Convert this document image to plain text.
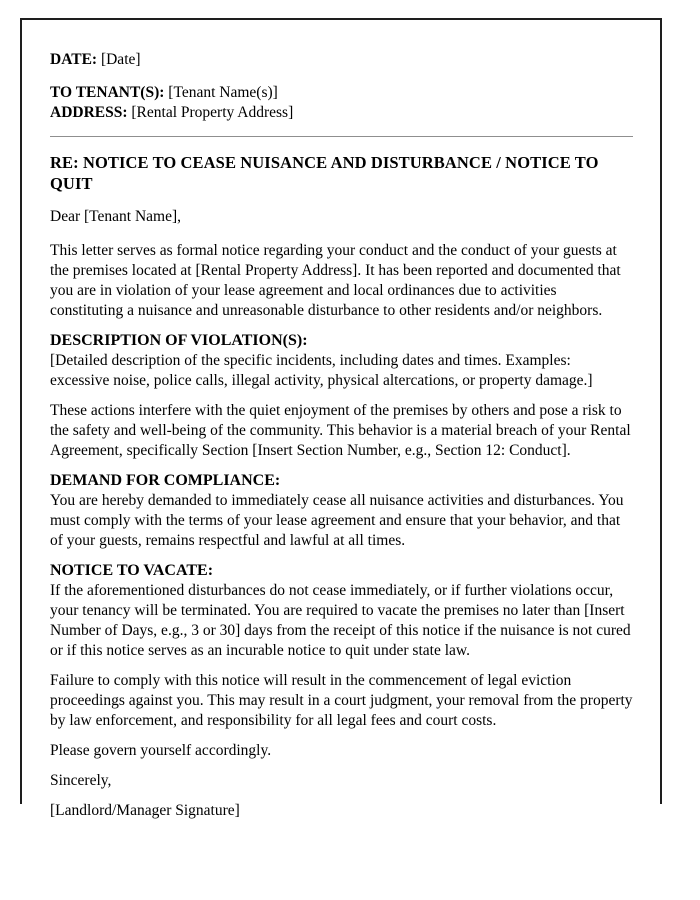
DATE: [Date]

TO TENANT(S): [Tenant Name(s)]
ADDRESS: [Rental Property Address]

RE: NOTICE TO CEASE NUISANCE AND DISTURBANCE / NOTICE TO QUIT

Dear [Tenant Name],

This letter serves as formal notice regarding your conduct and the conduct of your guests at the premises located at [Rental Property Address]. It has been reported and documented that you are in violation of your lease agreement and local ordinances due to activities constituting a nuisance and unreasonable disturbance to other residents and/or neighbors.

DESCRIPTION OF VIOLATION(S):
[Detailed description of the specific incidents, including dates and times. Examples: excessive noise, police calls, illegal activity, physical altercations, or property damage.]

These actions interfere with the quiet enjoyment of the premises by others and pose a risk to the safety and well-being of the community. This behavior is a material breach of your Rental Agreement, specifically Section [Insert Section Number, e.g., Section 12: Conduct].

DEMAND FOR COMPLIANCE:
You are hereby demanded to immediately cease all nuisance activities and disturbances. You must comply with the terms of your lease agreement and ensure that your behavior, and that of your guests, remains respectful and lawful at all times.

NOTICE TO VACATE:
If the aforementioned disturbances do not cease immediately, or if further violations occur, your tenancy will be terminated. You are required to vacate the premises no later than [Insert Number of Days, e.g., 3 or 30] days from the receipt of this notice if the nuisance is not cured or if this notice serves as an incurable notice to quit under state law.

Failure to comply with this notice will result in the commencement of legal eviction proceedings against you. This may result in a court judgment, your removal from the property by law enforcement, and responsibility for all legal fees and court costs.

Please govern yourself accordingly.

Sincerely,

[Landlord/Manager Signature]
